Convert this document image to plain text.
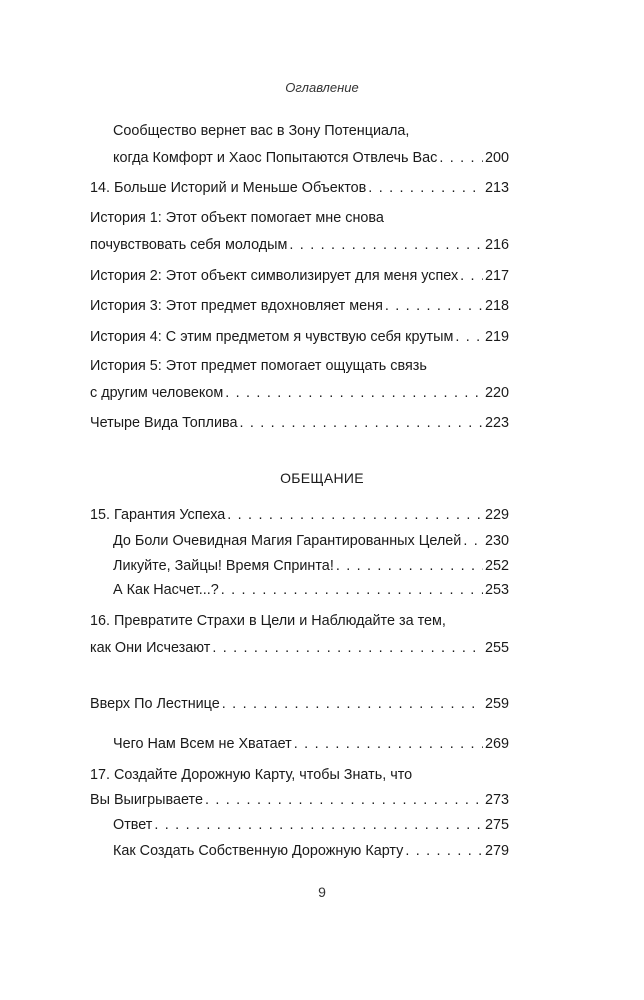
Оглавление
Сообщество вернет вас в Зону Потенциала,
когда Комфорт и Хаос Попытаются Отвлечь Вас . . .	200
14. Больше Историй и Меньше Объектов . . .	213
История 1: Этот объект помогает мне снова
почувствовать себя молодым . . .	216
История 2: Этот объект символизирует для меня успех . . . 217
История 3: Этот предмет вдохновляет меня . . .	218
История 4: С этим предметом я чувствую себя крутым . . . 219
История 5: Этот предмет помогает ощущать связь
с другим человеком . . .	220
Четыре Вида Топлива . . .	223
ОБЕЩАНИЕ
15. Гарантия Успеха . . .	229
До Боли Очевидная Магия Гарантированных Целей . . . 230
Ликуйте, Зайцы! Время Спринта! . . .	252
А Как Насчет...? . . .	253
16. Превратите Страхи в Цели и Наблюдайте за тем,
как Они Исчезают . . .	255
Вверх По Лестнице . . .	259
Чего Нам Всем не Хватает . . .	269
17. Создайте Дорожную Карту, чтобы Знать, что
Вы Выигрываете . . .	273
Ответ . . .	275
Как Создать Собственную Дорожную Карту . . .	279
9
